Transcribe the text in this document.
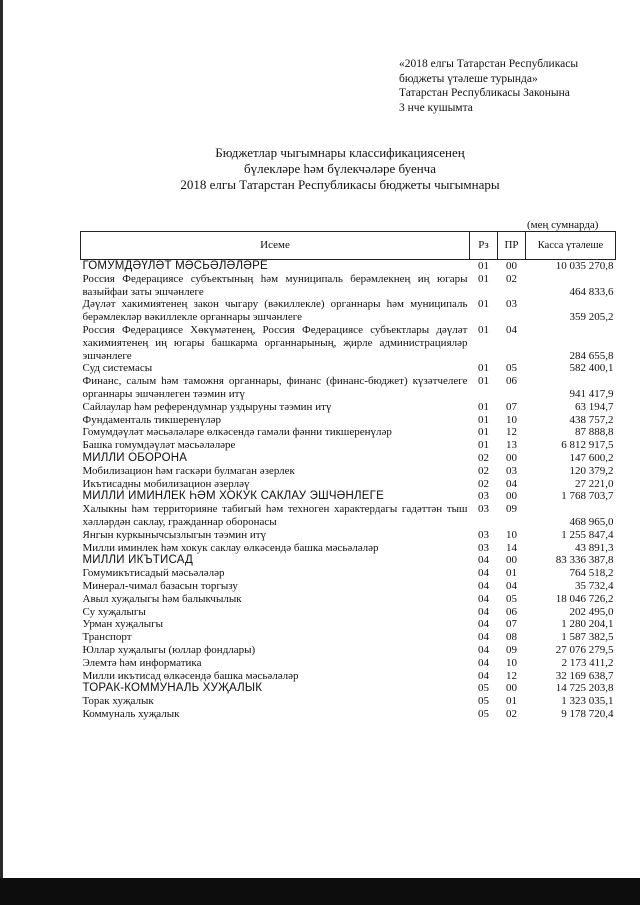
«2018 елгы Татарстан Республикасы
бюджеты үтәлеше турында»
Татарстан Республикасы Законына
3 нче кушымта
Бюджетлар чыгымнары классификациясенең
бүлекләре һәм бүлекчәләре буенча
2018 елгы Татарстан Республикасы бюджеты чыгымнары
(мең сумнарда)
Исеме	Рз	ПР	Касса үтәлеше
ГОМУМДӘҮЛӘТ МӘСЬӘЛӘЛӘРЕ	01	00	10 035 270,8
Россия Федерациясе субъектының һәм муниципаль берәмлекнең иң югары вазыйфаи заты эшчәнлеге	01	02	464 833,6
Дәүләт хакимиятенең закон чыгару (вәкиллекле) органнары һәм муниципаль берәмлекләр вәкиллекле органнары эшчәнлеге	01	03	359 205,2
Россия Федерациясе Хөкүмәтенең, Россия Федерациясе субъектлары дәүләт хакимиятенең иң югары башкарма органнарының, җирле администрацияләр эшчәнлеге	01	04	284 655,8
Суд системасы	01	05	582 400,1
Финанс, салым һәм таможня органнары, финанс (финанс-бюджет) күзәтчелеге органнары эшчәнлеген тәэмин итү	01	06	941 417,9
Сайлаулар һәм референдумнар уздыруны тәэмин итү	01	07	63 194,7
Фундаменталь тикшеренүләр	01	10	438 757,2
Гомумдәүләт мәсьәләләре өлкәсендә гамәли фәнни тикшеренүләр	01	12	87 888,8
Башка гомумдәүләт мәсьәләләре	01	13	6 812 917,5
МИЛЛИ ОБОРОНА	02	00	147 600,2
Мобилизацион һәм гаскәри булмаган әзерлек	02	03	120 379,2
Икътисадны мобилизацион әзерләү	02	04	27 221,0
МИЛЛИ ИМИНЛЕК ҺӘМ ХОКУК САКЛАУ ЭШЧӘНЛЕГЕ	03	00	1 768 703,7
Халыкны һәм территорияне табигый һәм техноген характердагы гадәттән тыш хәлләрдән саклау, гражданнар оборонасы	03	09	468 965,0
Янгын куркынычсызлыгын тәэмин итү	03	10	1 255 847,4
Милли иминлек һәм хокук саклау өлкәсендә башка мәсьәләләр	03	14	43 891,3
МИЛЛИ ИКЪТИСАД	04	00	83 336 387,8
Гомумикътисадый мәсьәләләр	04	01	764 518,2
Минерал-чимал базасын торгызу	04	04	35 732,4
Авыл хуҗалыгы һәм балыкчылык	04	05	18 046 726,2
Су хуҗалыгы	04	06	202 495,0
Урман хуҗалыгы	04	07	1 280 204,1
Транспорт	04	08	1 587 382,5
Юллар хуҗалыгы (юллар фондлары)	04	09	27 076 279,5
Элемтә һәм информатика	04	10	2 173 411,2
Милли икътисад өлкәсендә башка мәсьәләләр	04	12	32 169 638,7
ТОРАК-КОММУНАЛЬ ХУҖАЛЫК	05	00	14 725 203,8
Торак хуҗалык	05	01	1 323 035,1
Коммуналь хуҗалык	05	02	9 178 720,4
